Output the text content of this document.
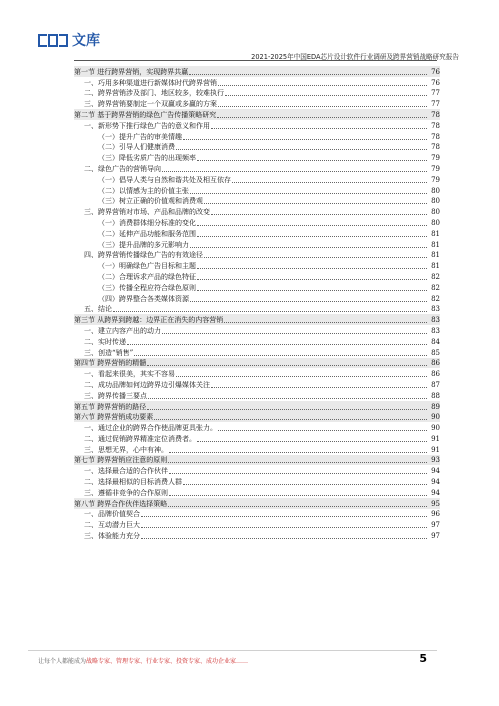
文库
2021-2025年中国EDA芯片设计软件行业调研及跨界营销战略研究报告
第一节 进行跨界营销，实现跨界共赢	76
一、巧用多种渠道进行新媒体时代跨界营销	76
二、跨界营销涉及部门、地区较多，较难执行	77
三、跨界营销要制定一个双赢或多赢的方案	77
第二节 基于跨界营销的绿色广告传播策略研究	78
一、新形势下推行绿色广告的意义和作用	78
（一）提升广告的审美情趣	78
（二）引导人们健康消费	78
（三）降低劣质广告的出现频率	79
二、绿色广告的营销导向	79
（一）倡导人类与自然和谐共处及相互依存	79
（二）以情感为主的价值主张	80
（三）树立正确的价值观和消费观	80
三、跨界营销对市场、产品和品牌的改变	80
（一）消费群体细分标准的变化	80
（二）延伸产品功能和服务范围	81
（三）提升品牌的多元影响力	81
四、跨界营销传播绿色广告的有效途径	81
（一）明确绿色广告目标和主题	81
（二）合理诉求产品的绿色特征	82
（三）传播全程应符合绿色原则	82
（四）跨界整合各类媒体资源	82
五、结论	83
第三节 从跨界到跨越：边界正在消失的内容营销	83
一、建立内容产出的动力	83
二、实时传递	84
三、创造“销售”	85
第四节 跨界营销的精髓	86
一、看起来很美，其实不容易	86
二、成功品牌如何边跨界边引爆媒体关注	87
三、跨界传播三要点	88
第五节 跨界营销的路径	89
第六节 跨界营销成功要素	90
一、通过企业的跨界合作使品牌更具张力。	90
二、通过促销跨界精准定位消费者。	91
三、思想无界，心中有神。	91
第七节 跨界营销应注意的原则	93
一、选择最合适的合作伙伴	94
二、选择最相似的目标消费人群	94
三、遵循非竞争的合作原则	94
第八节 跨界合作伙伴选择策略	95
一、品牌价值契合	96
二、互动潜力巨大	97
三、体验能力充分	97
让每个人都能成为战略专家、管理专家、行业专家、投资专家、成功企业家……	5
